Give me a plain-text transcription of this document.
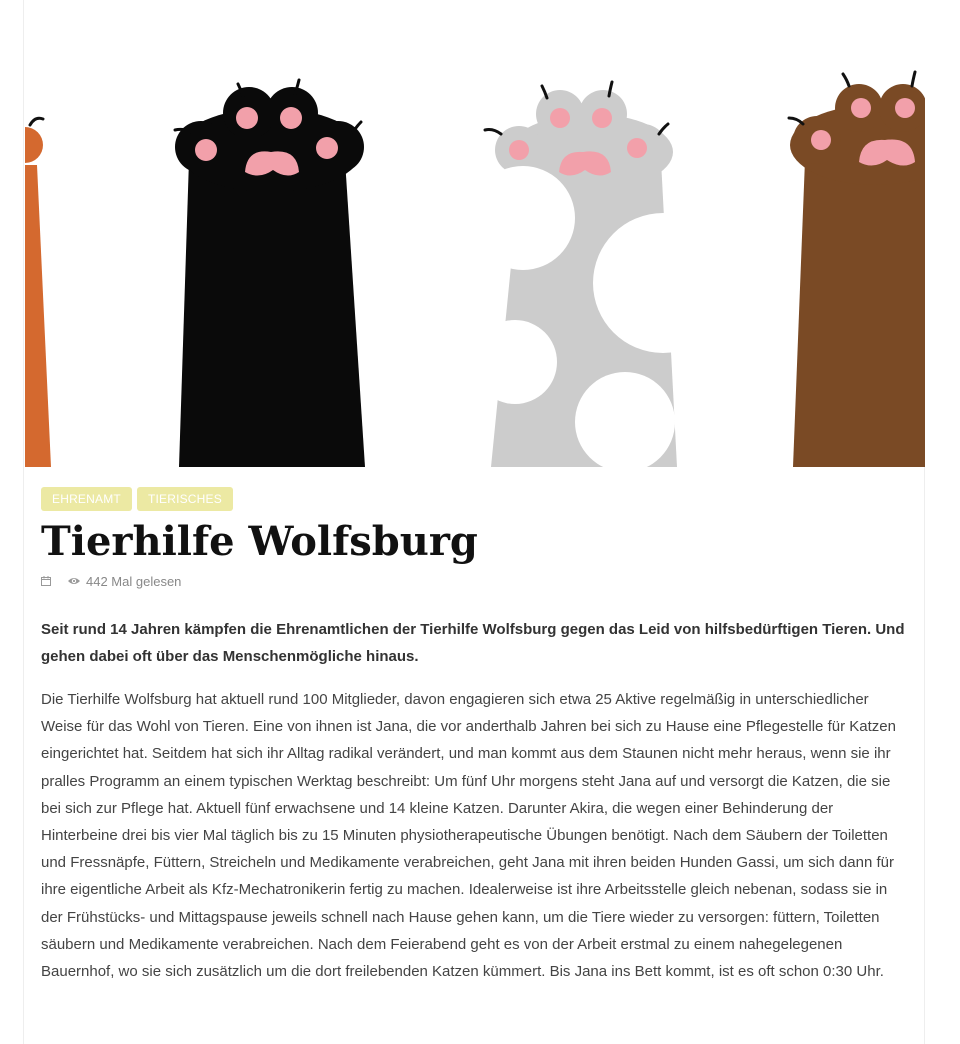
EHRENAMT	TIERISCHES
Tierhilfe Wolfsburg
442 Mal gelesen

Seit rund 14 Jahren kämpfen die Ehrenamtlichen der Tierhilfe Wolfsburg gegen das Leid von hilfsbedürftigen Tieren. Und gehen dabei oft über das Menschenmögliche hinaus.

Die Tierhilfe Wolfsburg hat aktuell rund 100 Mitglieder, davon engagieren sich etwa 25 Aktive regelmäßig in unterschiedlicher Weise für das Wohl von Tieren. Eine von ihnen ist Jana, die vor anderthalb Jahren bei sich zu Hause eine Pflegestelle für Katzen eingerichtet hat. Seitdem hat sich ihr Alltag radikal verändert, und man kommt aus dem Staunen nicht mehr heraus, wenn sie ihr pralles Programm an einem typischen Werktag beschreibt: Um fünf Uhr morgens steht Jana auf und versorgt die Katzen, die sie bei sich zur Pflege hat. Aktuell fünf erwachsene und 14 kleine Katzen. Darunter Akira, die wegen einer Behinderung der Hinterbeine drei bis vier Mal täglich bis zu 15 Minuten physiotherapeutische Übungen benötigt. Nach dem Säubern der Toiletten und Fressnäpfe, Füttern, Streicheln und Medikamente verabreichen, geht Jana mit ihren beiden Hunden Gassi, um sich dann für ihre eigentliche Arbeit als Kfz-Mechatronikerin fertig zu machen. Idealerweise ist ihre Arbeitsstelle gleich nebenan, sodass sie in der Frühstücks- und Mittagspause jeweils schnell nach Hause gehen kann, um die Tiere wieder zu versorgen: füttern, Toiletten säubern und Medikamente verabreichen. Nach dem Feierabend geht es von der Arbeit erstmal zu einem nahegelegenen Bauernhof, wo sie sich zusätzlich um die dort freilebenden Katzen kümmert. Bis Jana ins Bett kommt, ist es oft schon 0:30 Uhr.
